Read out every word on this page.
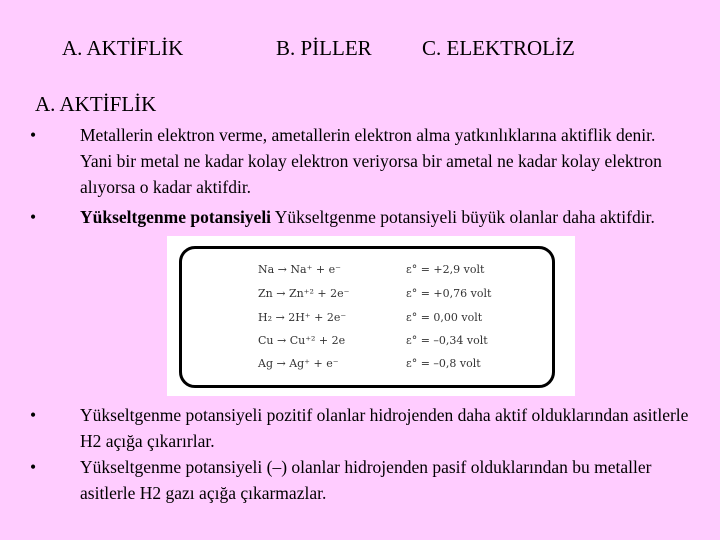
A. AKTİFLİK	B. PİLLER C. ELEKTROLİZ
A. AKTİFLİK
•	Metallerin elektron verme, ametallerin elektron alma yatkınlıklarına aktiflik denir. Yani bir metal ne kadar kolay elektron veriyorsa bir ametal ne kadar kolay elektron alıyorsa o kadar aktifdir.
•	Yükseltgenme potansiyeli Yükseltgenme potansiyeli büyük olanlar daha aktifdir.
•	Yükseltgenme potansiyeli pozitif olanlar hidrojenden daha aktif olduklarından asitlerle H2 açığa çıkarırlar.
•	Yükseltgenme potansiyeli (–) olanlar hidrojenden pasif olduklarından bu metaller asitlerle H2 gazı açığa çıkarmazlar.
Na → Na⁺ + e⁻	ε° = +2,9 volt
Zn → Zn⁺² + 2e⁻	ε° = +0,76 volt
H₂ → 2H⁺ + 2e⁻	ε° = 0,00 volt
Cu → Cu⁺² + 2e	ε° = –0,34 volt
Ag → Ag⁺ + e⁻	ε° = –0,8 volt
